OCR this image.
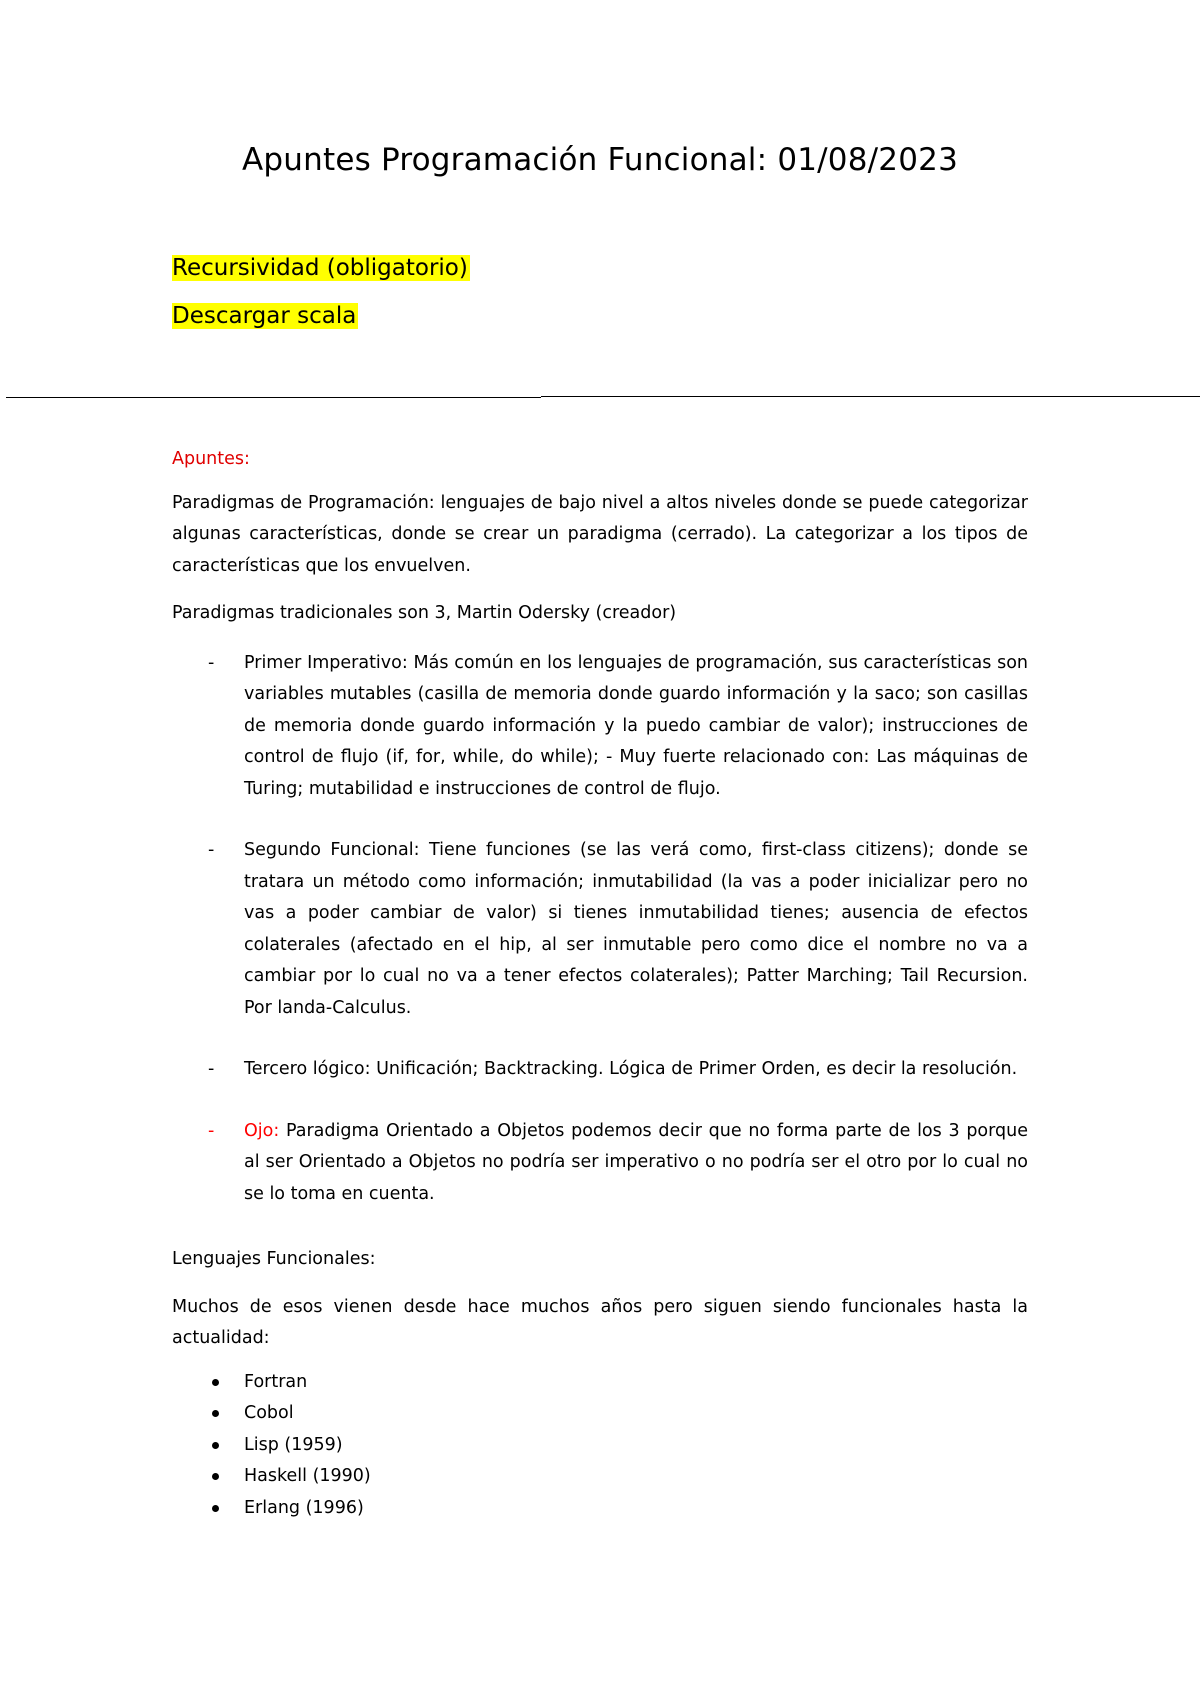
Apuntes Programación Funcional: 01/08/2023

Recursividad (obligatorio)

Descargar scala

Apuntes:

Paradigmas de Programación: lenguajes de bajo nivel a altos niveles donde se puede categorizar algunas características, donde se crear un paradigma (cerrado). La categorizar a los tipos de características que los envuelven.

Paradigmas tradicionales son 3, Martin Odersky (creador)

- Primer Imperativo: Más común en los lenguajes de programación, sus características son variables mutables (casilla de memoria donde guardo información y la saco; son casillas de memoria donde guardo información y la puedo cambiar de valor); instrucciones de control de flujo (if, for, while, do while); - Muy fuerte relacionado con: Las máquinas de Turing; mutabilidad e instrucciones de control de flujo.
- Segundo Funcional: Tiene funciones (se las verá como, first-class citizens); donde se tratara un método como información; inmutabilidad (la vas a poder inicializar pero no vas a poder cambiar de valor) si tienes inmutabilidad tienes; ausencia de efectos colaterales (afectado en el hip, al ser inmutable pero como dice el nombre no va a cambiar por lo cual no va a tener efectos colaterales); Patter Marching; Tail Recursion. Por landa-Calculus.
- Tercero lógico: Unificación; Backtracking. Lógica de Primer Orden, es decir la resolución.
- Ojo: Paradigma Orientado a Objetos podemos decir que no forma parte de los 3 porque al ser Orientado a Objetos no podría ser imperativo o no podría ser el otro por lo cual no se lo toma en cuenta.

Lenguajes Funcionales:

Muchos de esos vienen desde hace muchos años pero siguen siendo funcionales hasta la actualidad:

Fortran
Cobol
Lisp (1959)
Haskell (1990)
Erlang (1996)
